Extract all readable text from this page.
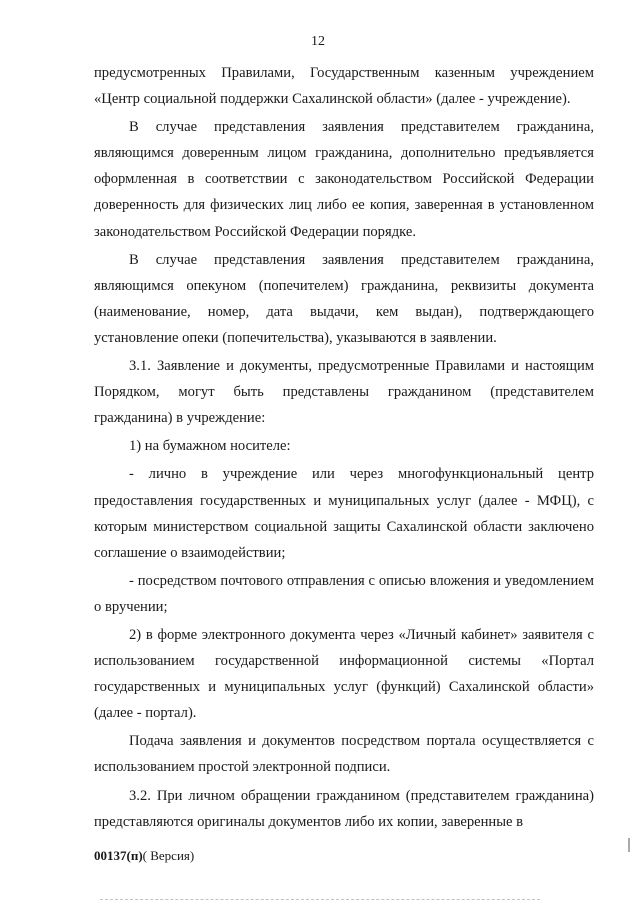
12

предусмотренных Правилами, Государственным казенным учреждением «Центр социальной поддержки Сахалинской области» (далее - учреждение).

В случае представления заявления представителем гражданина, являющимся доверенным лицом гражданина, дополнительно предъявляется оформленная в соответствии с законодательством Российской Федерации доверенность для физических лиц либо ее копия, заверенная в установленном законодательством Российской Федерации порядке.

В случае представления заявления представителем гражданина, являющимся опекуном (попечителем) гражданина, реквизиты документа (наименование, номер, дата выдачи, кем выдан), подтверждающего установление опеки (попечительства), указываются в заявлении.

3.1. Заявление и документы, предусмотренные Правилами и настоящим Порядком, могут быть представлены гражданином (представителем гражданина) в учреждение:

1) на бумажном носителе:

- лично в учреждение или через многофункциональный центр предоставления государственных и муниципальных услуг (далее - МФЦ), с которым министерством социальной защиты Сахалинской области заключено соглашение о взаимодействии;

- посредством почтового отправления с описью вложения и уведомлением о вручении;

2) в форме электронного документа через «Личный кабинет» заявителя с использованием государственной информационной системы «Портал государственных и муниципальных услуг (функций) Сахалинской области» (далее - портал).

Подача заявления и документов посредством портала осуществляется с использованием простой электронной подписи.

3.2. При личном обращении гражданином (представителем гражданина) представляются оригиналы документов либо их копии, заверенные в

00137(п)( Версия)
